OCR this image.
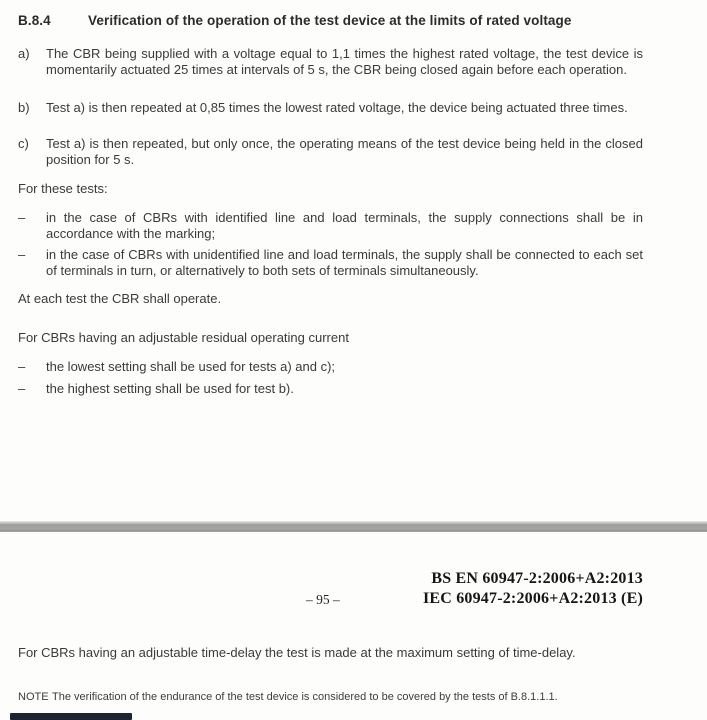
B.8.4	Verification of the operation of the test device at the limits of rated voltage
a)	The CBR being supplied with a voltage equal to 1,1 times the highest rated voltage, the test device is momentarily actuated 25 times at intervals of 5 s, the CBR being closed again before each operation.
b)	Test a) is then repeated at 0,85 times the lowest rated voltage, the device being actuated three times.
c)	Test a) is then repeated, but only once, the operating means of the test device being held in the closed position for 5 s.
For these tests:
–	in the case of CBRs with identified line and load terminals, the supply connections shall be in accordance with the marking;
–	in the case of CBRs with unidentified line and load terminals, the supply shall be connected to each set of terminals in turn, or alternatively to both sets of terminals simultaneously.
At each test the CBR shall operate.
For CBRs having an adjustable residual operating current
–	the lowest setting shall be used for tests a) and c);
–	the highest setting shall be used for test b).
BS EN 60947-2:2006+A2:2013
IEC 60947-2:2006+A2:2013 (E)
– 95 –
For CBRs having an adjustable time-delay the test is made at the maximum setting of time-delay.
NOTE The verification of the endurance of the test device is considered to be covered by the tests of B.8.1.1.1.
